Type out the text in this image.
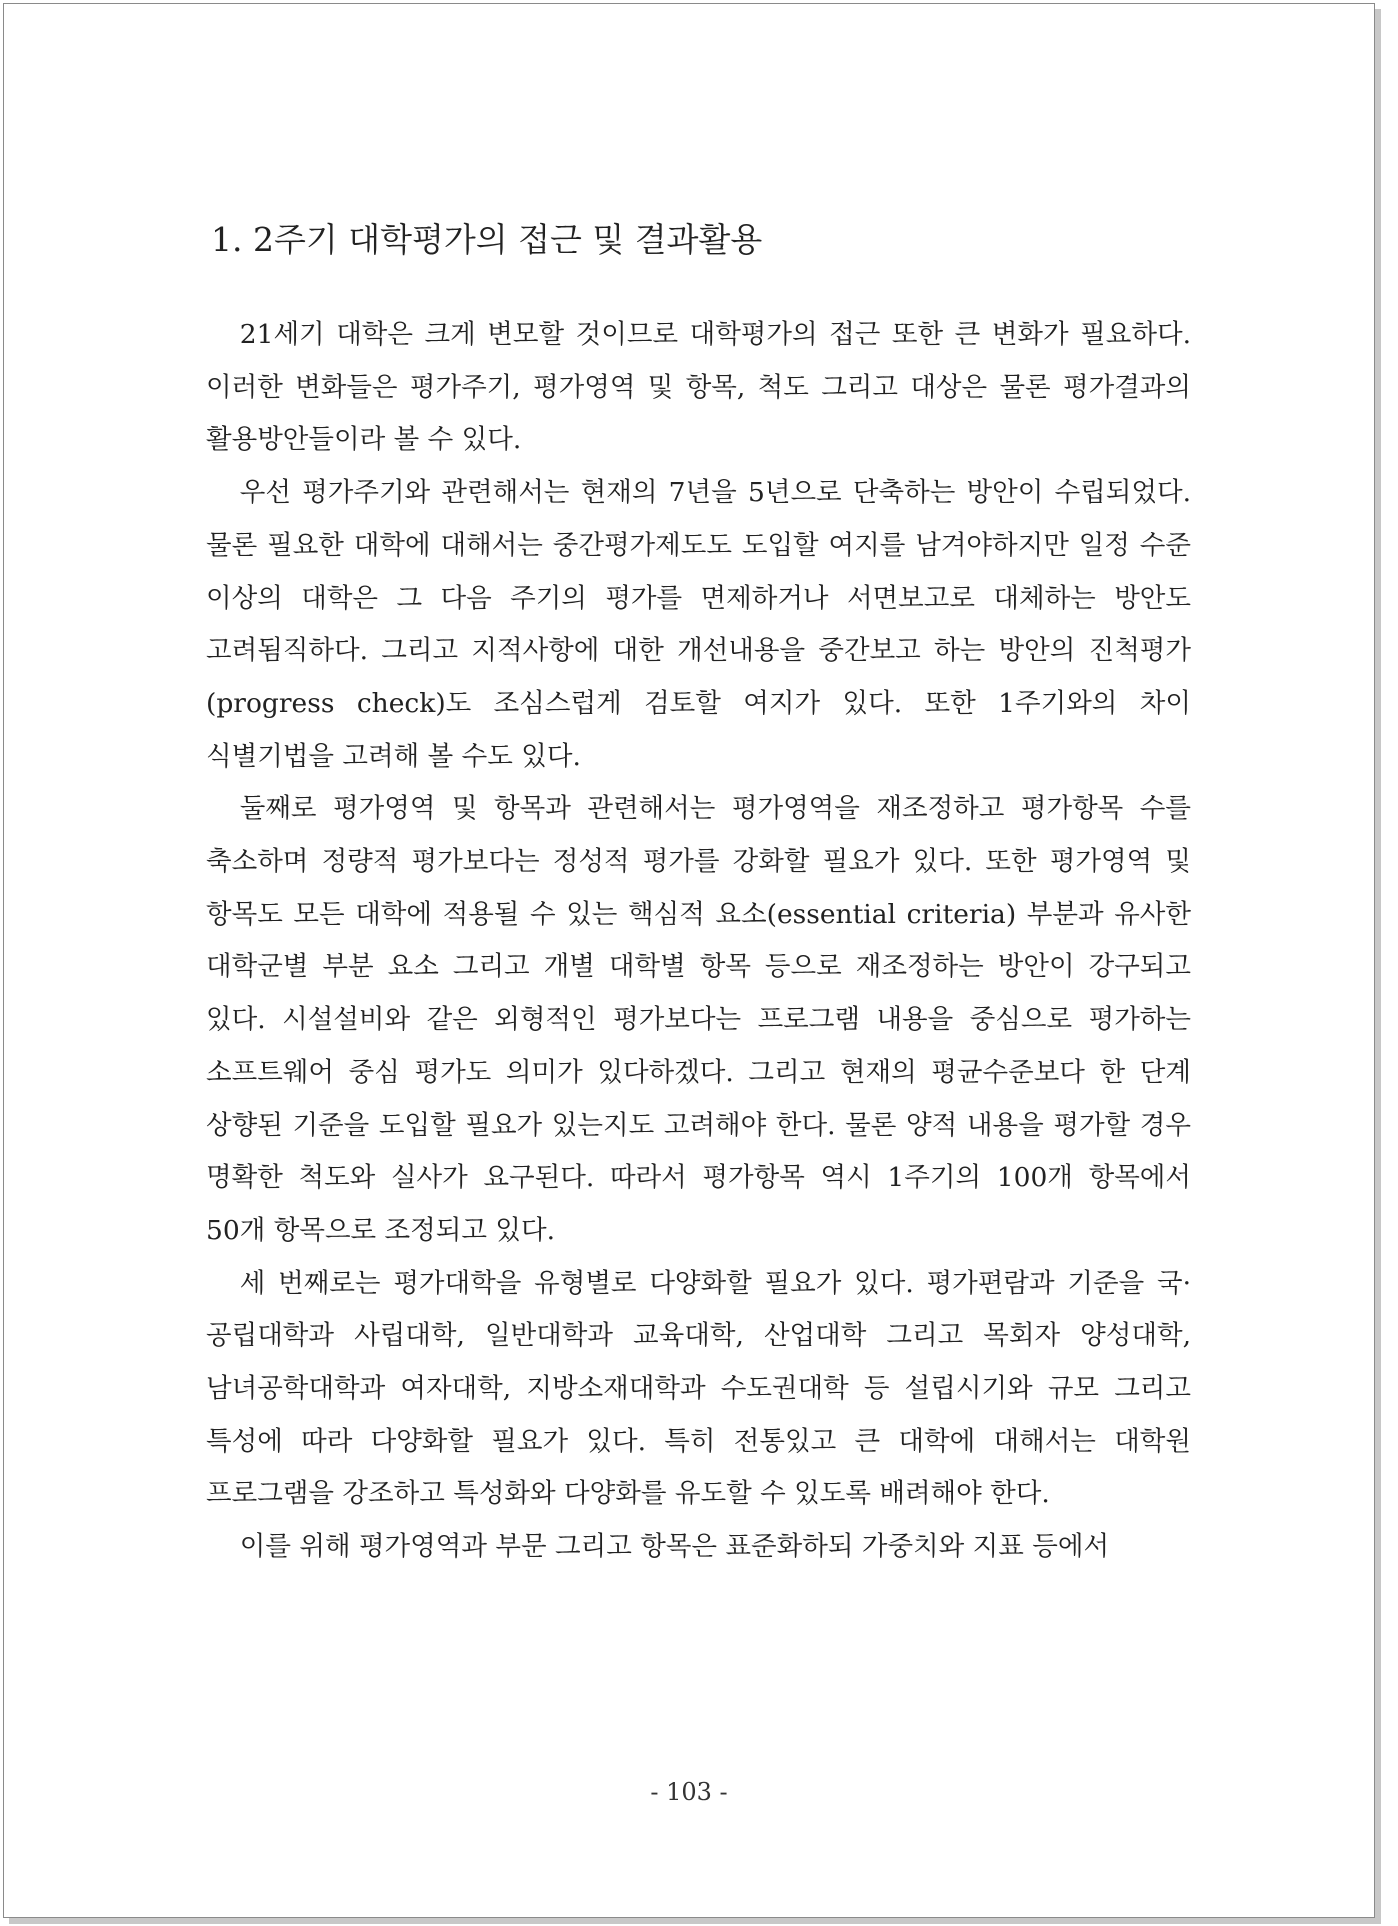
1. 2주기 대학평가의 접근 및 결과활용

21세기 대학은 크게 변모할 것이므로 대학평가의 접근 또한 큰 변화가 필요하다. 이러한 변화들은 평가주기, 평가영역 및 항목, 척도 그리고 대상은 물론 평가결과의 활용방안들이라 볼 수 있다.

우선 평가주기와 관련해서는 현재의 7년을 5년으로 단축하는 방안이 수립되었다. 물론 필요한 대학에 대해서는 중간평가제도도 도입할 여지를 남겨야하지만 일정 수준 이상의 대학은 그 다음 주기의 평가를 면제하거나 서면보고로 대체하는 방안도 고려됨직하다. 그리고 지적사항에 대한 개선내용을 중간보고 하는 방안의 진척평가(progress check)도 조심스럽게 검토할 여지가 있다. 또한 1주기와의 차이 식별기법을 고려해 볼 수도 있다.

둘째로 평가영역 및 항목과 관련해서는 평가영역을 재조정하고 평가항목 수를 축소하며 정량적 평가보다는 정성적 평가를 강화할 필요가 있다. 또한 평가영역 및 항목도 모든 대학에 적용될 수 있는 핵심적 요소(essential criteria) 부분과 유사한 대학군별 부분 요소 그리고 개별 대학별 항목 등으로 재조정하는 방안이 강구되고 있다. 시설설비와 같은 외형적인 평가보다는 프로그램 내용을 중심으로 평가하는 소프트웨어 중심 평가도 의미가 있다하겠다. 그리고 현재의 평균수준보다 한 단계 상향된 기준을 도입할 필요가 있는지도 고려해야 한다. 물론 양적 내용을 평가할 경우 명확한 척도와 실사가 요구된다. 따라서 평가항목 역시 1주기의 100개 항목에서 50개 항목으로 조정되고 있다.

세 번째로는 평가대학을 유형별로 다양화할 필요가 있다. 평가편람과 기준을 국·공립대학과 사립대학, 일반대학과 교육대학, 산업대학 그리고 목회자 양성대학, 남녀공학대학과 여자대학, 지방소재대학과 수도권대학 등 설립시기와 규모 그리고 특성에 따라 다양화할 필요가 있다. 특히 전통있고 큰 대학에 대해서는 대학원 프로그램을 강조하고 특성화와 다양화를 유도할 수 있도록 배려해야 한다.

이를 위해 평가영역과 부문 그리고 항목은 표준화하되 가중치와 지표 등에서

- 103 -
